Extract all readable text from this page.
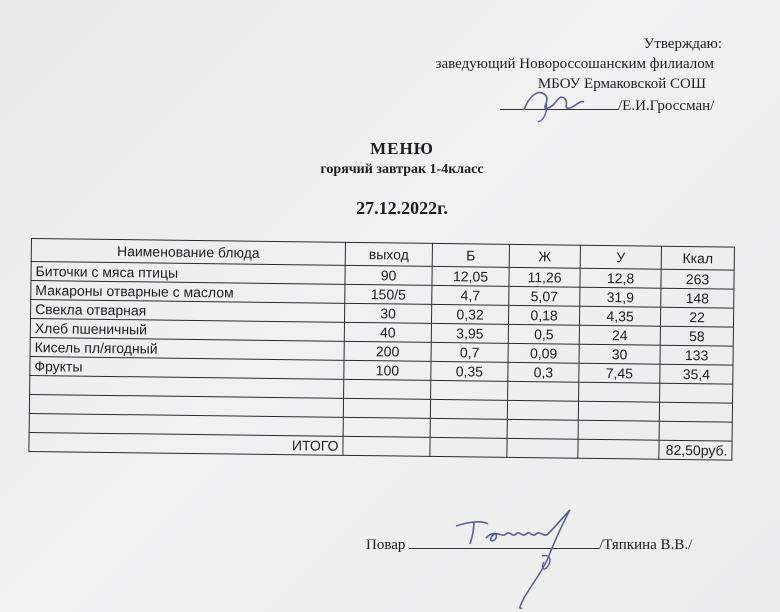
Утверждаю:
заведующий Новороссошанским филиалом
МБОУ Ермаковской СОШ
/Е.И.Гроссман/
МЕНЮ
горячий завтрак 1-4класс
27.12.2022г.
Наименование блюда	выход	Б	Ж	У	Ккал
Биточки с мяса птицы	90	12,05	11,26	12,8	263
Макароны отварные с маслом	150/5	4,7	5,07	31,9	148
Свекла отварная	30	0,32	0,18	4,35	22
Хлеб пшеничный	40	3,95	0,5	24	58
Кисель пл/ягодный	200	0,7	0,09	30	133
Фрукты	100	0,35	0,3	7,45	35,4

ИТОГО					82,50руб.
Повар	/Тяпкина В.В./
